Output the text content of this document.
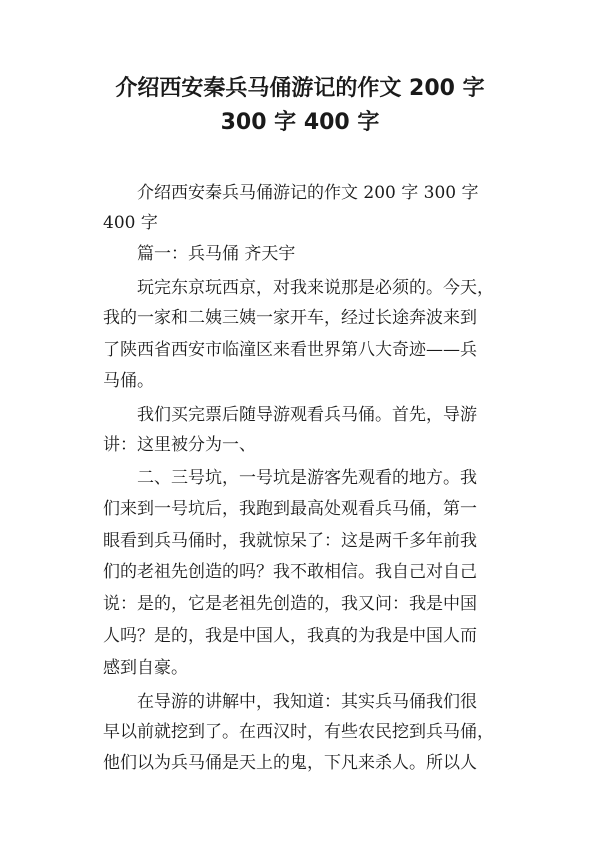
介绍西安秦兵马俑游记的作文 200 字
300 字 400 字

介绍西安秦兵马俑游记的作文 200 字 300 字

400 字

篇一：兵马俑 齐天宇

玩完东京玩西京，对我来说那是必须的。今天，

我的一家和二姨三姨一家开车，经过长途奔波来到

了陕西省西安市临潼区来看世界第八大奇迹——兵

马俑。

我们买完票后随导游观看兵马俑。首先，导游

讲：这里被分为一、

二、三号坑，一号坑是游客先观看的地方。我

们来到一号坑后，我跑到最高处观看兵马俑，第一

眼看到兵马俑时，我就惊呆了：这是两千多年前我

们的老祖先创造的吗？我不敢相信。我自己对自己

说：是的，它是老祖先创造的，我又问：我是中国

人吗？是的，我是中国人，我真的为我是中国人而

感到自豪。

在导游的讲解中，我知道：其实兵马俑我们很

早以前就挖到了。在西汉时，有些农民挖到兵马俑，

他们以为兵马俑是天上的鬼，下凡来杀人。所以人
